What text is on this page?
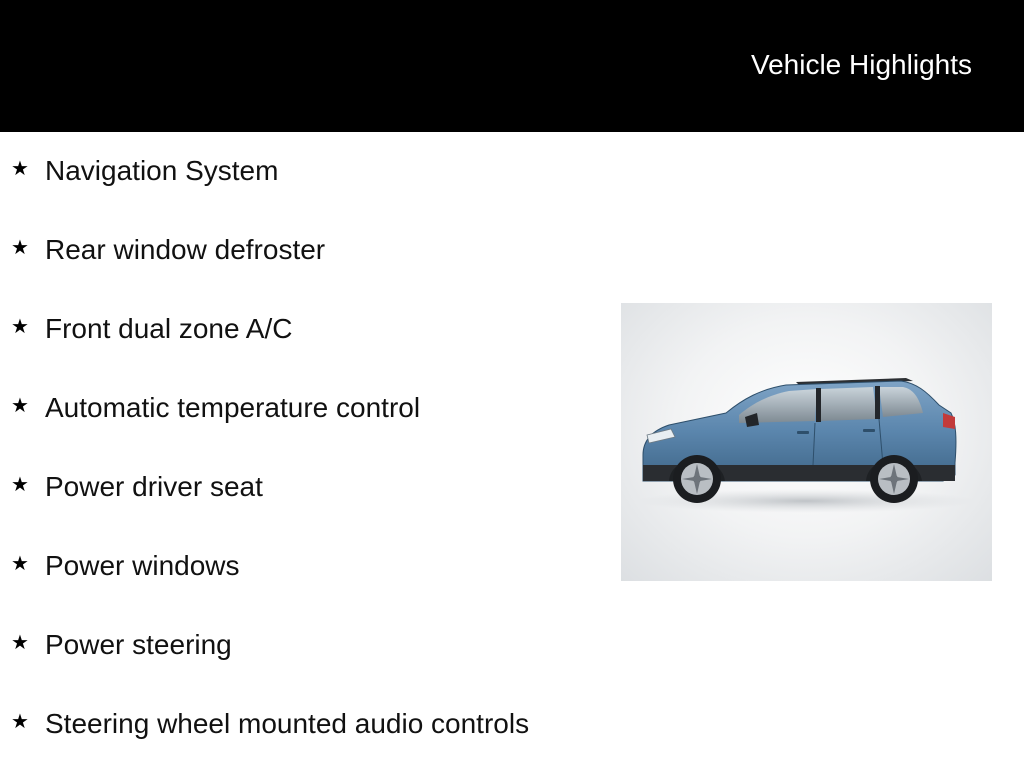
Vehicle Highlights
★ Navigation System
★ Rear window defroster
★ Front dual zone A/C
★ Automatic temperature control
★ Power driver seat
★ Power windows
★ Power steering
★ Steering wheel mounted audio controls
